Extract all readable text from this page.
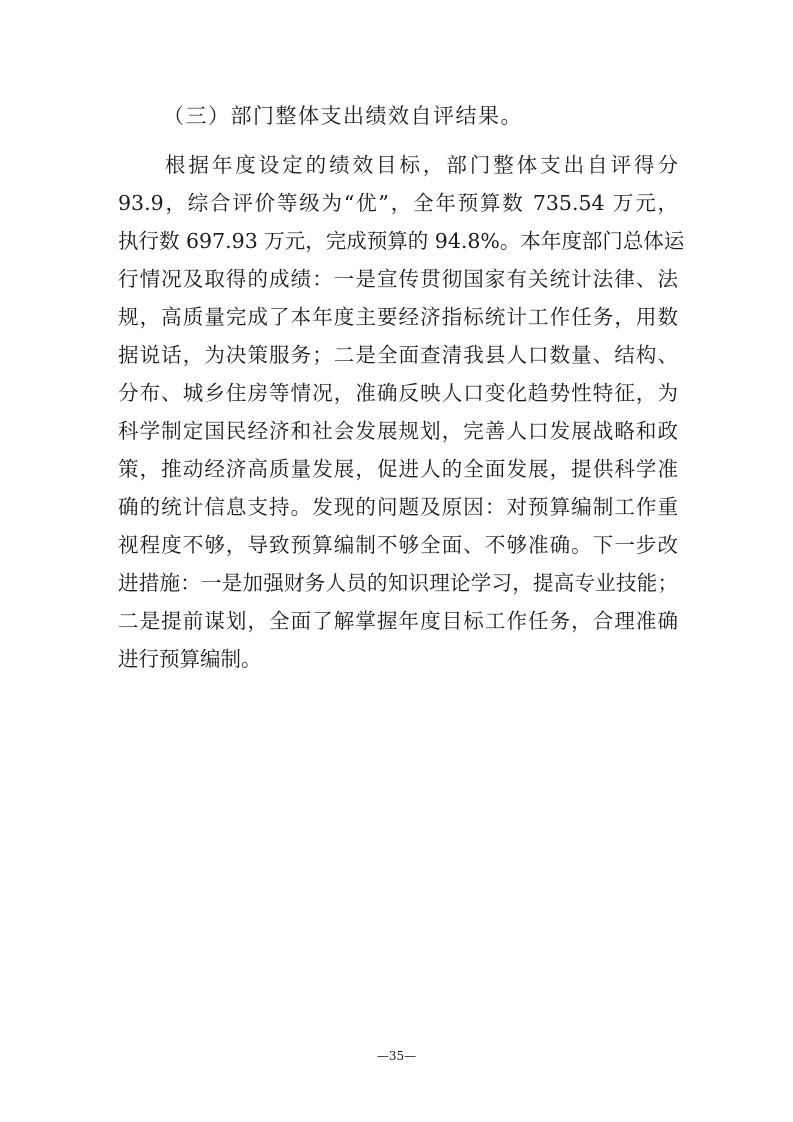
（三）部门整体支出绩效自评结果。
　　根据年度设定的绩效目标，部门整体支出自评得分
93.9，综合评价等级为“优”，全年预算数 735.54 万元，
执行数 697.93 万元，完成预算的 94.8%。本年度部门总体运
行情况及取得的成绩：一是宣传贯彻国家有关统计法律、法
规，高质量完成了本年度主要经济指标统计工作任务，用数
据说话，为决策服务；二是全面查清我县人口数量、结构、
分布、城乡住房等情况，准确反映人口变化趋势性特征，为
科学制定国民经济和社会发展规划，完善人口发展战略和政
策，推动经济高质量发展，促进人的全面发展，提供科学准
确的统计信息支持。发现的问题及原因：对预算编制工作重
视程度不够，导致预算编制不够全面、不够准确。下一步改
进措施：一是加强财务人员的知识理论学习，提高专业技能；
二是提前谋划，全面了解掌握年度目标工作任务，合理准确
进行预算编制。
—35—
